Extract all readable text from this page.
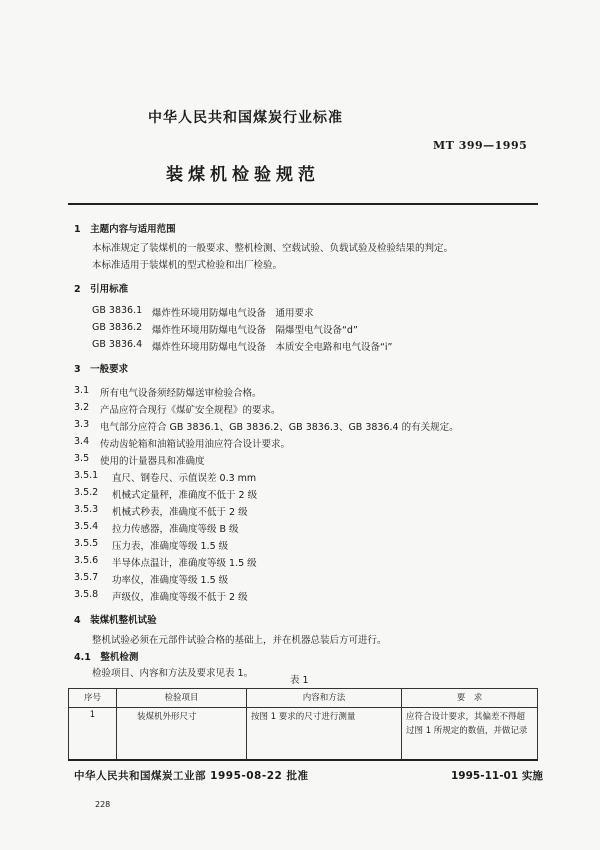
中华人民共和国煤炭行业标准
MT 399—1995
装煤机检验规范
1　主题内容与适用范围
本标准规定了装煤机的一般要求、整机检测、空载试验、负载试验及检验结果的判定。
本标准适用于装煤机的型式检验和出厂检验。
2　引用标准
GB 3836.1 爆炸性环境用防爆电气设备　通用要求
GB 3836.2 爆炸性环境用防爆电气设备　隔爆型电气设备“d”
GB 3836.4 爆炸性环境用防爆电气设备　本质安全电路和电气设备“i”
3　一般要求
3.1 所有电气设备须经防爆送审检验合格。
3.2 产品应符合现行《煤矿安全规程》的要求。
3.3 电气部分应符合 GB 3836.1、GB 3836.2、GB 3836.3、GB 3836.4 的有关规定。
3.4 传动齿轮箱和油箱试验用油应符合设计要求。
3.5 使用的计量器具和准确度
3.5.1 直尺、钢卷尺、示值误差 0.3 mm
3.5.2 机械式定量秤，准确度不低于 2 级
3.5.3 机械式秒表，准确度不低于 2 级
3.5.4 拉力传感器，准确度等级 B 级
3.5.5 压力表，准确度等级 1.5 级
3.5.6 半导体点温计，准确度等级 1.5 级
3.5.7 功率仪，准确度等级 1.5 级
3.5.8 声级仪，准确度等级不低于 2 级
4　装煤机整机试验
整机试验必须在元部件试验合格的基础上，并在机器总装后方可进行。
4.1　整机检测
检验项目、内容和方法及要求见表 1。
表 1
序号	检验项目	内容和方法	要　求
1	装煤机外形尺寸	按图 1 要求的尺寸进行测量	应符合设计要求，其偏差不得超过图 1 所规定的数值，并做记录
中华人民共和国煤炭工业部 1995-08-22 批准	1995-11-01 实施
228
